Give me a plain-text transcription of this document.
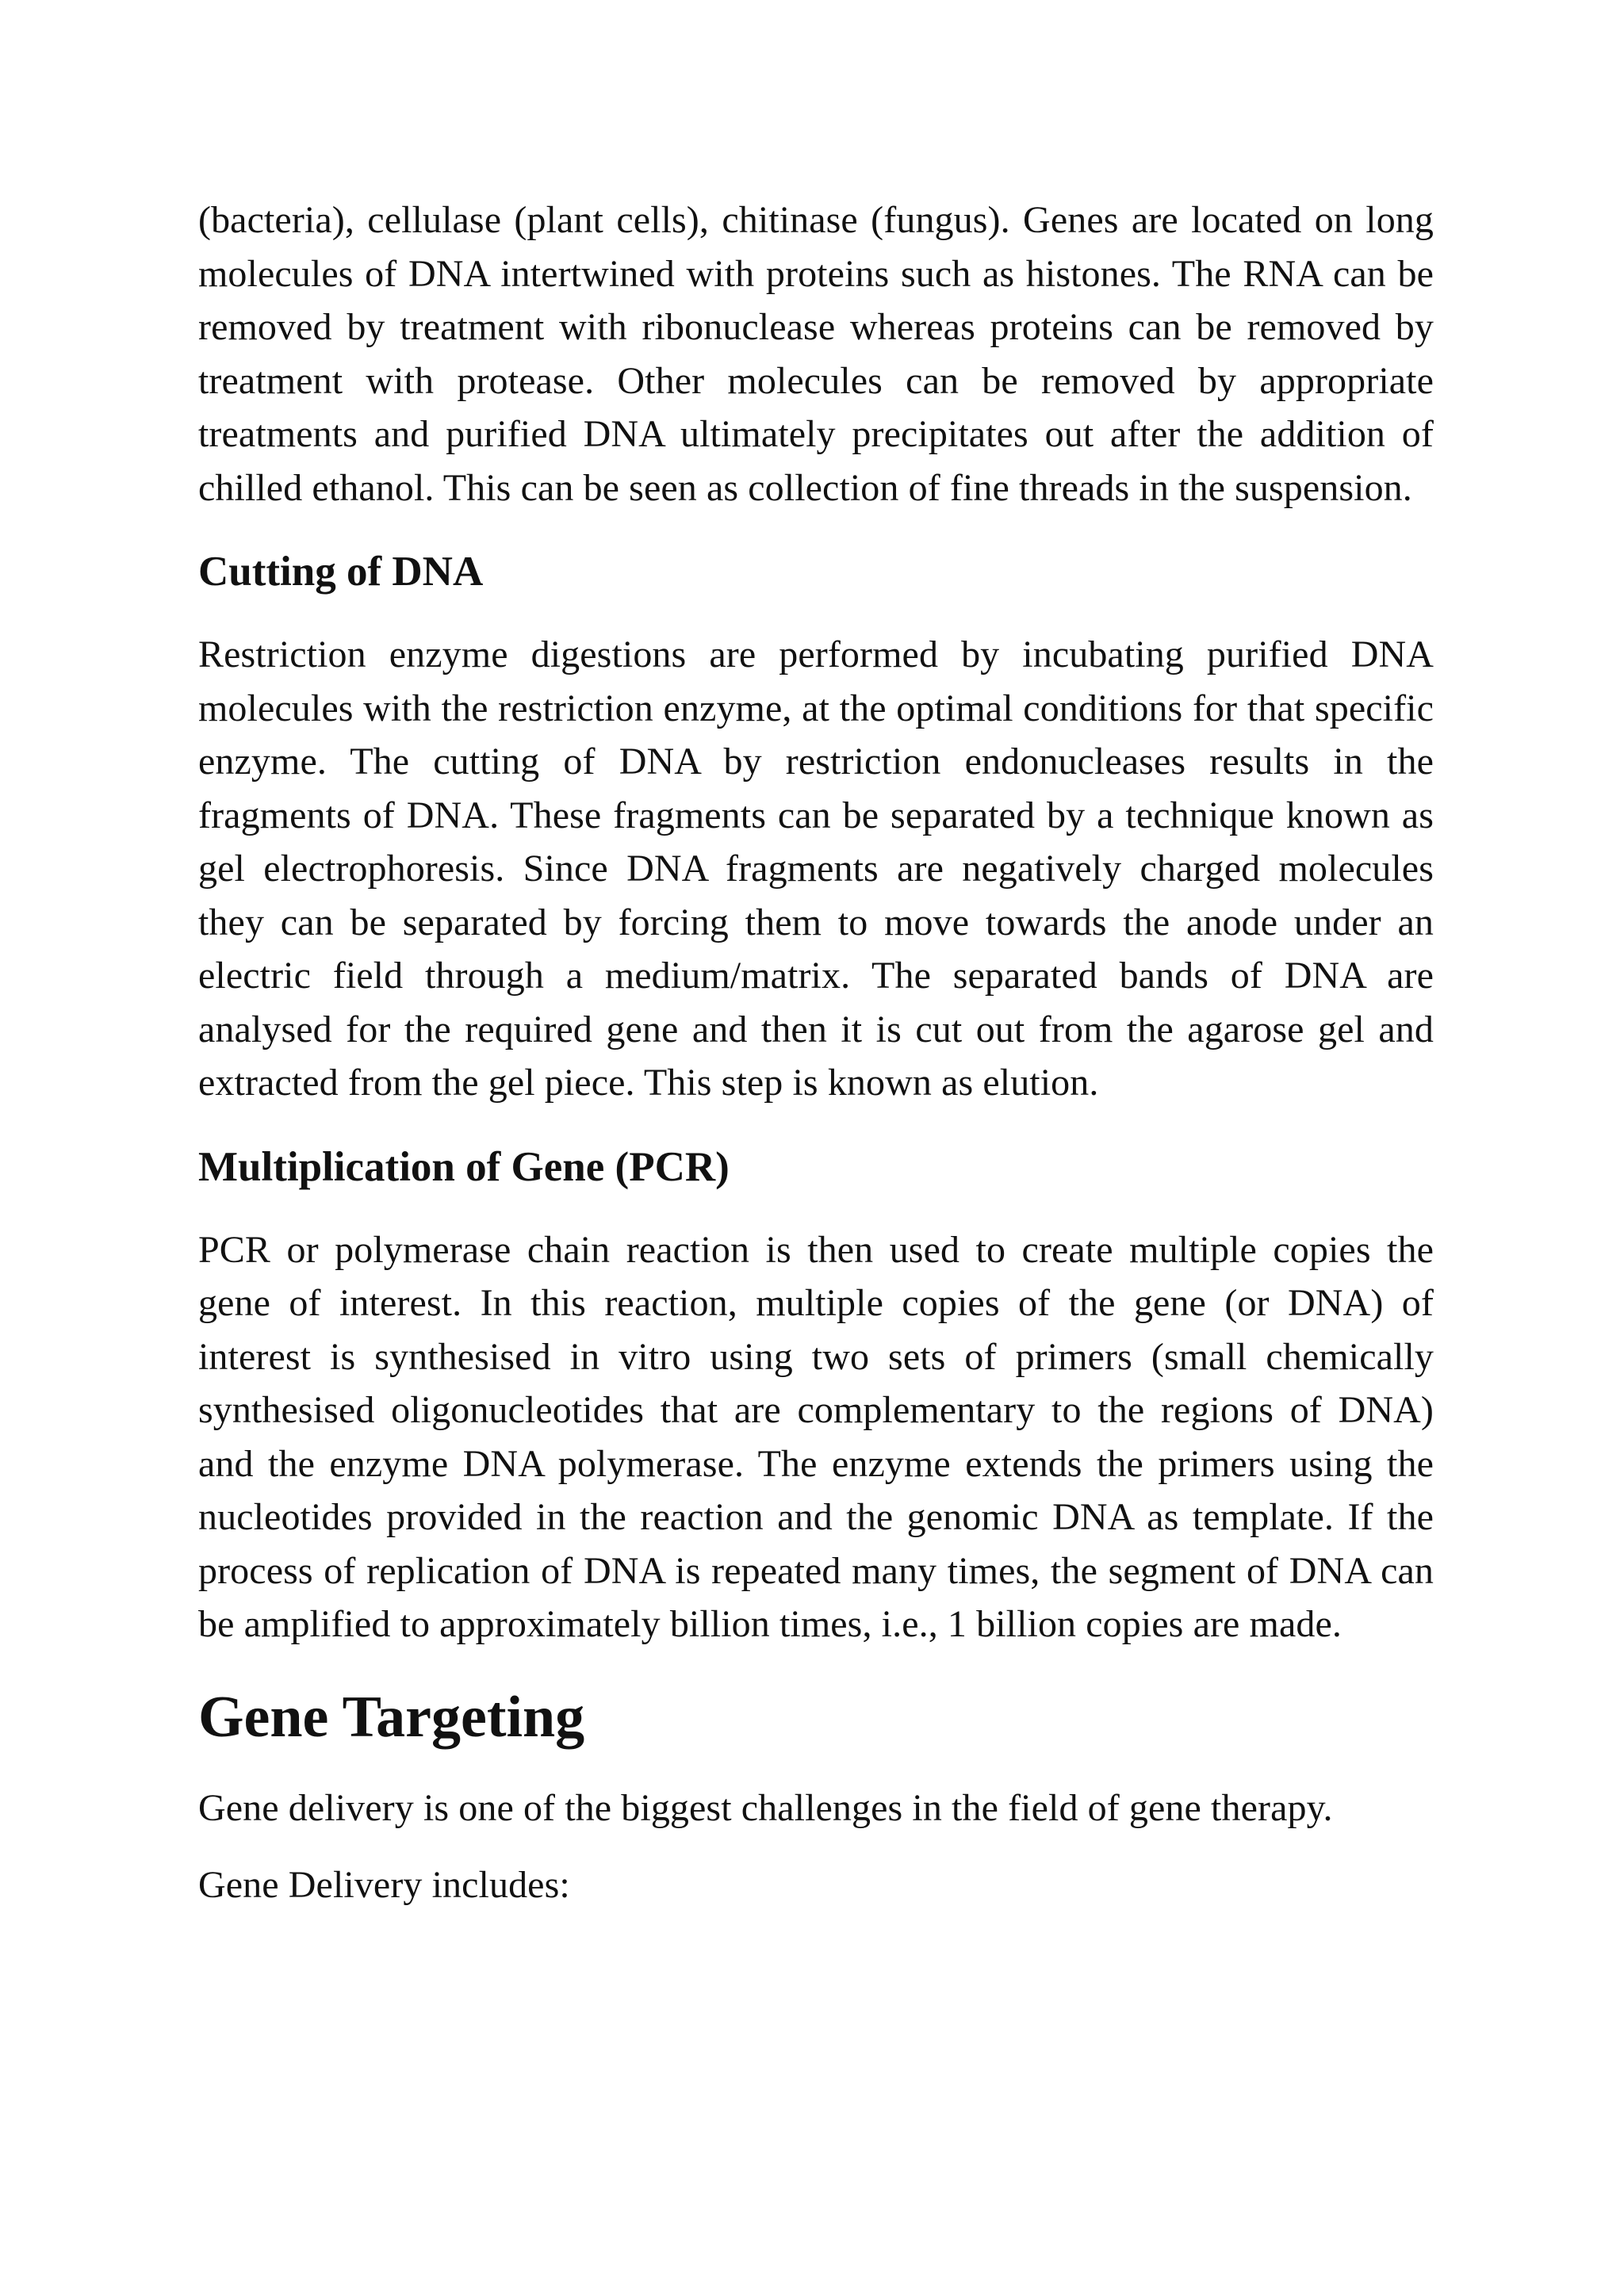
(bacteria), cellulase (plant cells), chitinase (fungus). Genes are located on long molecules of DNA intertwined with proteins such as histones. The RNA can be removed by treatment with ribonuclease whereas proteins can be removed by treatment with protease. Other molecules can be removed by appropriate treatments and purified DNA ultimately precipitates out after the addition of chilled ethanol. This can be seen as collection of fine threads in the suspension.

Cutting of DNA

Restriction enzyme digestions are performed by incubating purified DNA molecules with the restriction enzyme, at the optimal conditions for that specific enzyme. The cutting of DNA by restriction endonucleases results in the fragments of DNA. These fragments can be separated by a technique known as gel electrophoresis. Since DNA fragments are negatively charged molecules they can be separated by forcing them to move towards the anode under an electric field through a medium/matrix. The separated bands of DNA are analysed for the required gene and then it is cut out from the agarose gel and extracted from the gel piece. This step is known as elution.

Multiplication of Gene (PCR)

PCR or polymerase chain reaction is then used to create multiple copies the gene of interest. In this reaction, multiple copies of the gene (or DNA) of interest is synthesised in vitro using two sets of primers (small chemically synthesised oligonucleotides that are complementary to the regions of DNA) and the enzyme DNA polymerase. The enzyme extends the primers using the nucleotides provided in the reaction and the genomic DNA as template. If the process of replication of DNA is repeated many times, the segment of DNA can be amplified to approximately billion times, i.e., 1 billion copies are made.

Gene Targeting

Gene delivery is one of the biggest challenges in the field of gene therapy.

Gene Delivery includes:
